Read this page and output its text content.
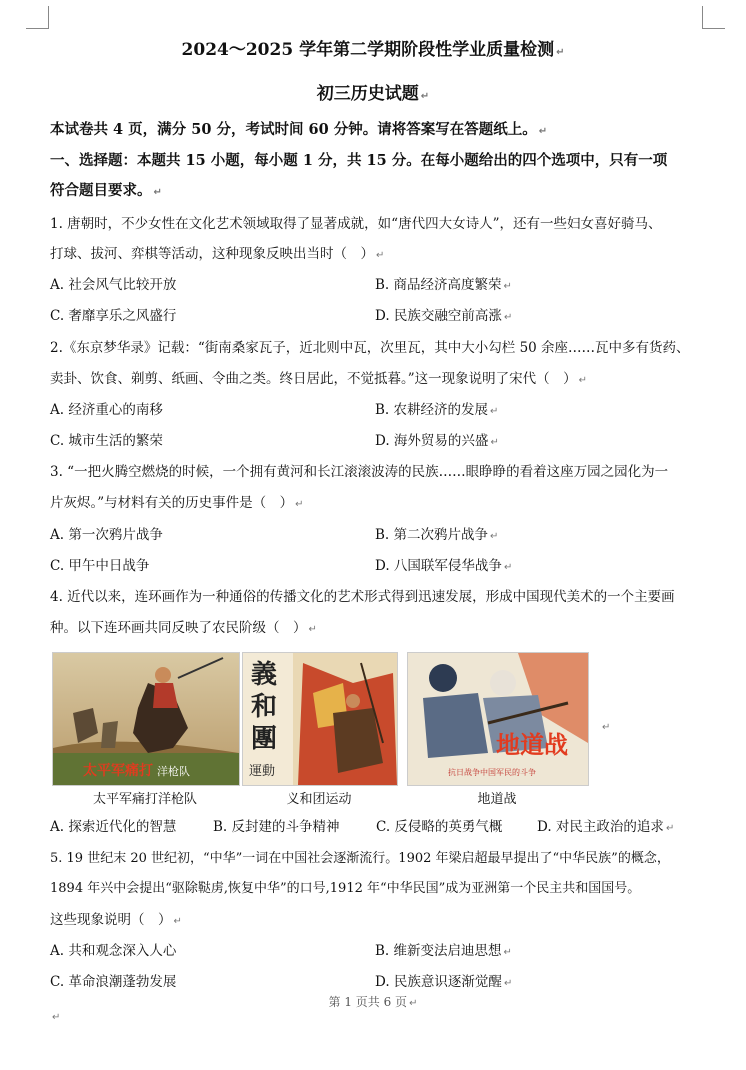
2024～2025 学年第二学期阶段性学业质量检测 ↵
初三历史试题 ↵
本试卷共 4 页，满分 50 分，考试时间 60 分钟。请将答案写在答题纸上。 ↵
一、选择题：本题共 15 小题，每小题 1 分，共 15 分。在每小题给出的四个选项中，只有一项
符合题目要求。 ↵
1. 唐朝时，不少女性在文化艺术领域取得了显著成就，如“唐代四大女诗人”，还有一些妇女喜好骑马、
打球、拔河、弈棋等活动，这种现象反映出当时（　） ↵
A. 社会风气比较开放	B. 商品经济高度繁荣 ↵
C. 奢靡享乐之风盛行	D. 民族交融空前高涨 ↵
2.《东京梦华录》记载：“街南桑家瓦子，近北则中瓦，次里瓦，其中大小勾栏 50 余座……瓦中多有货药、
卖卦、饮食、剃剪、纸画、令曲之类。终日居此，不觉抵暮。”这一现象说明了宋代（　） ↵
A. 经济重心的南移	B. 农耕经济的发展 ↵
C. 城市生活的繁荣	D. 海外贸易的兴盛 ↵
3. “一把火腾空燃烧的时候，一个拥有黄河和长江滚滚波涛的民族……眼睁睁的看着这座万园之园化为一
片灰烬。”与材料有关的历史事件是（　） ↵
A. 第一次鸦片战争	B. 第二次鸦片战争 ↵
C. 甲午中日战争	D. 八国联军侵华战争 ↵
4. 近代以来，连环画作为一种通俗的传播文化的艺术形式得到迅速发展，形成中国现代美术的一个主要画
种。以下连环画共同反映了农民阶级（　） ↵
太平军痛打 洋枪队
義
和
團
運動
地道战
抗日战争中国军民的斗争
↵
太平军痛打洋枪队	义和团运动	地道战
A. 探索近代化的智慧	B. 反封建的斗争精神	C. 反侵略的英勇气概	D. 对民主政治的追求 ↵
5. 19 世纪末 20 世纪初，“中华”一词在中国社会逐渐流行。1902 年梁启超最早提出了“中华民族”的概念，
1894 年兴中会提出“驱除鞑虏,恢复中华”的口号,1912 年“中华民国”成为亚洲第一个民主共和国国号。
这些现象说明（　） ↵
A. 共和观念深入人心	B. 维新变法启迪思想 ↵
C. 革命浪潮蓬勃发展	D. 民族意识逐渐觉醒 ↵
第 1 页共 6 页 ↵
↵
